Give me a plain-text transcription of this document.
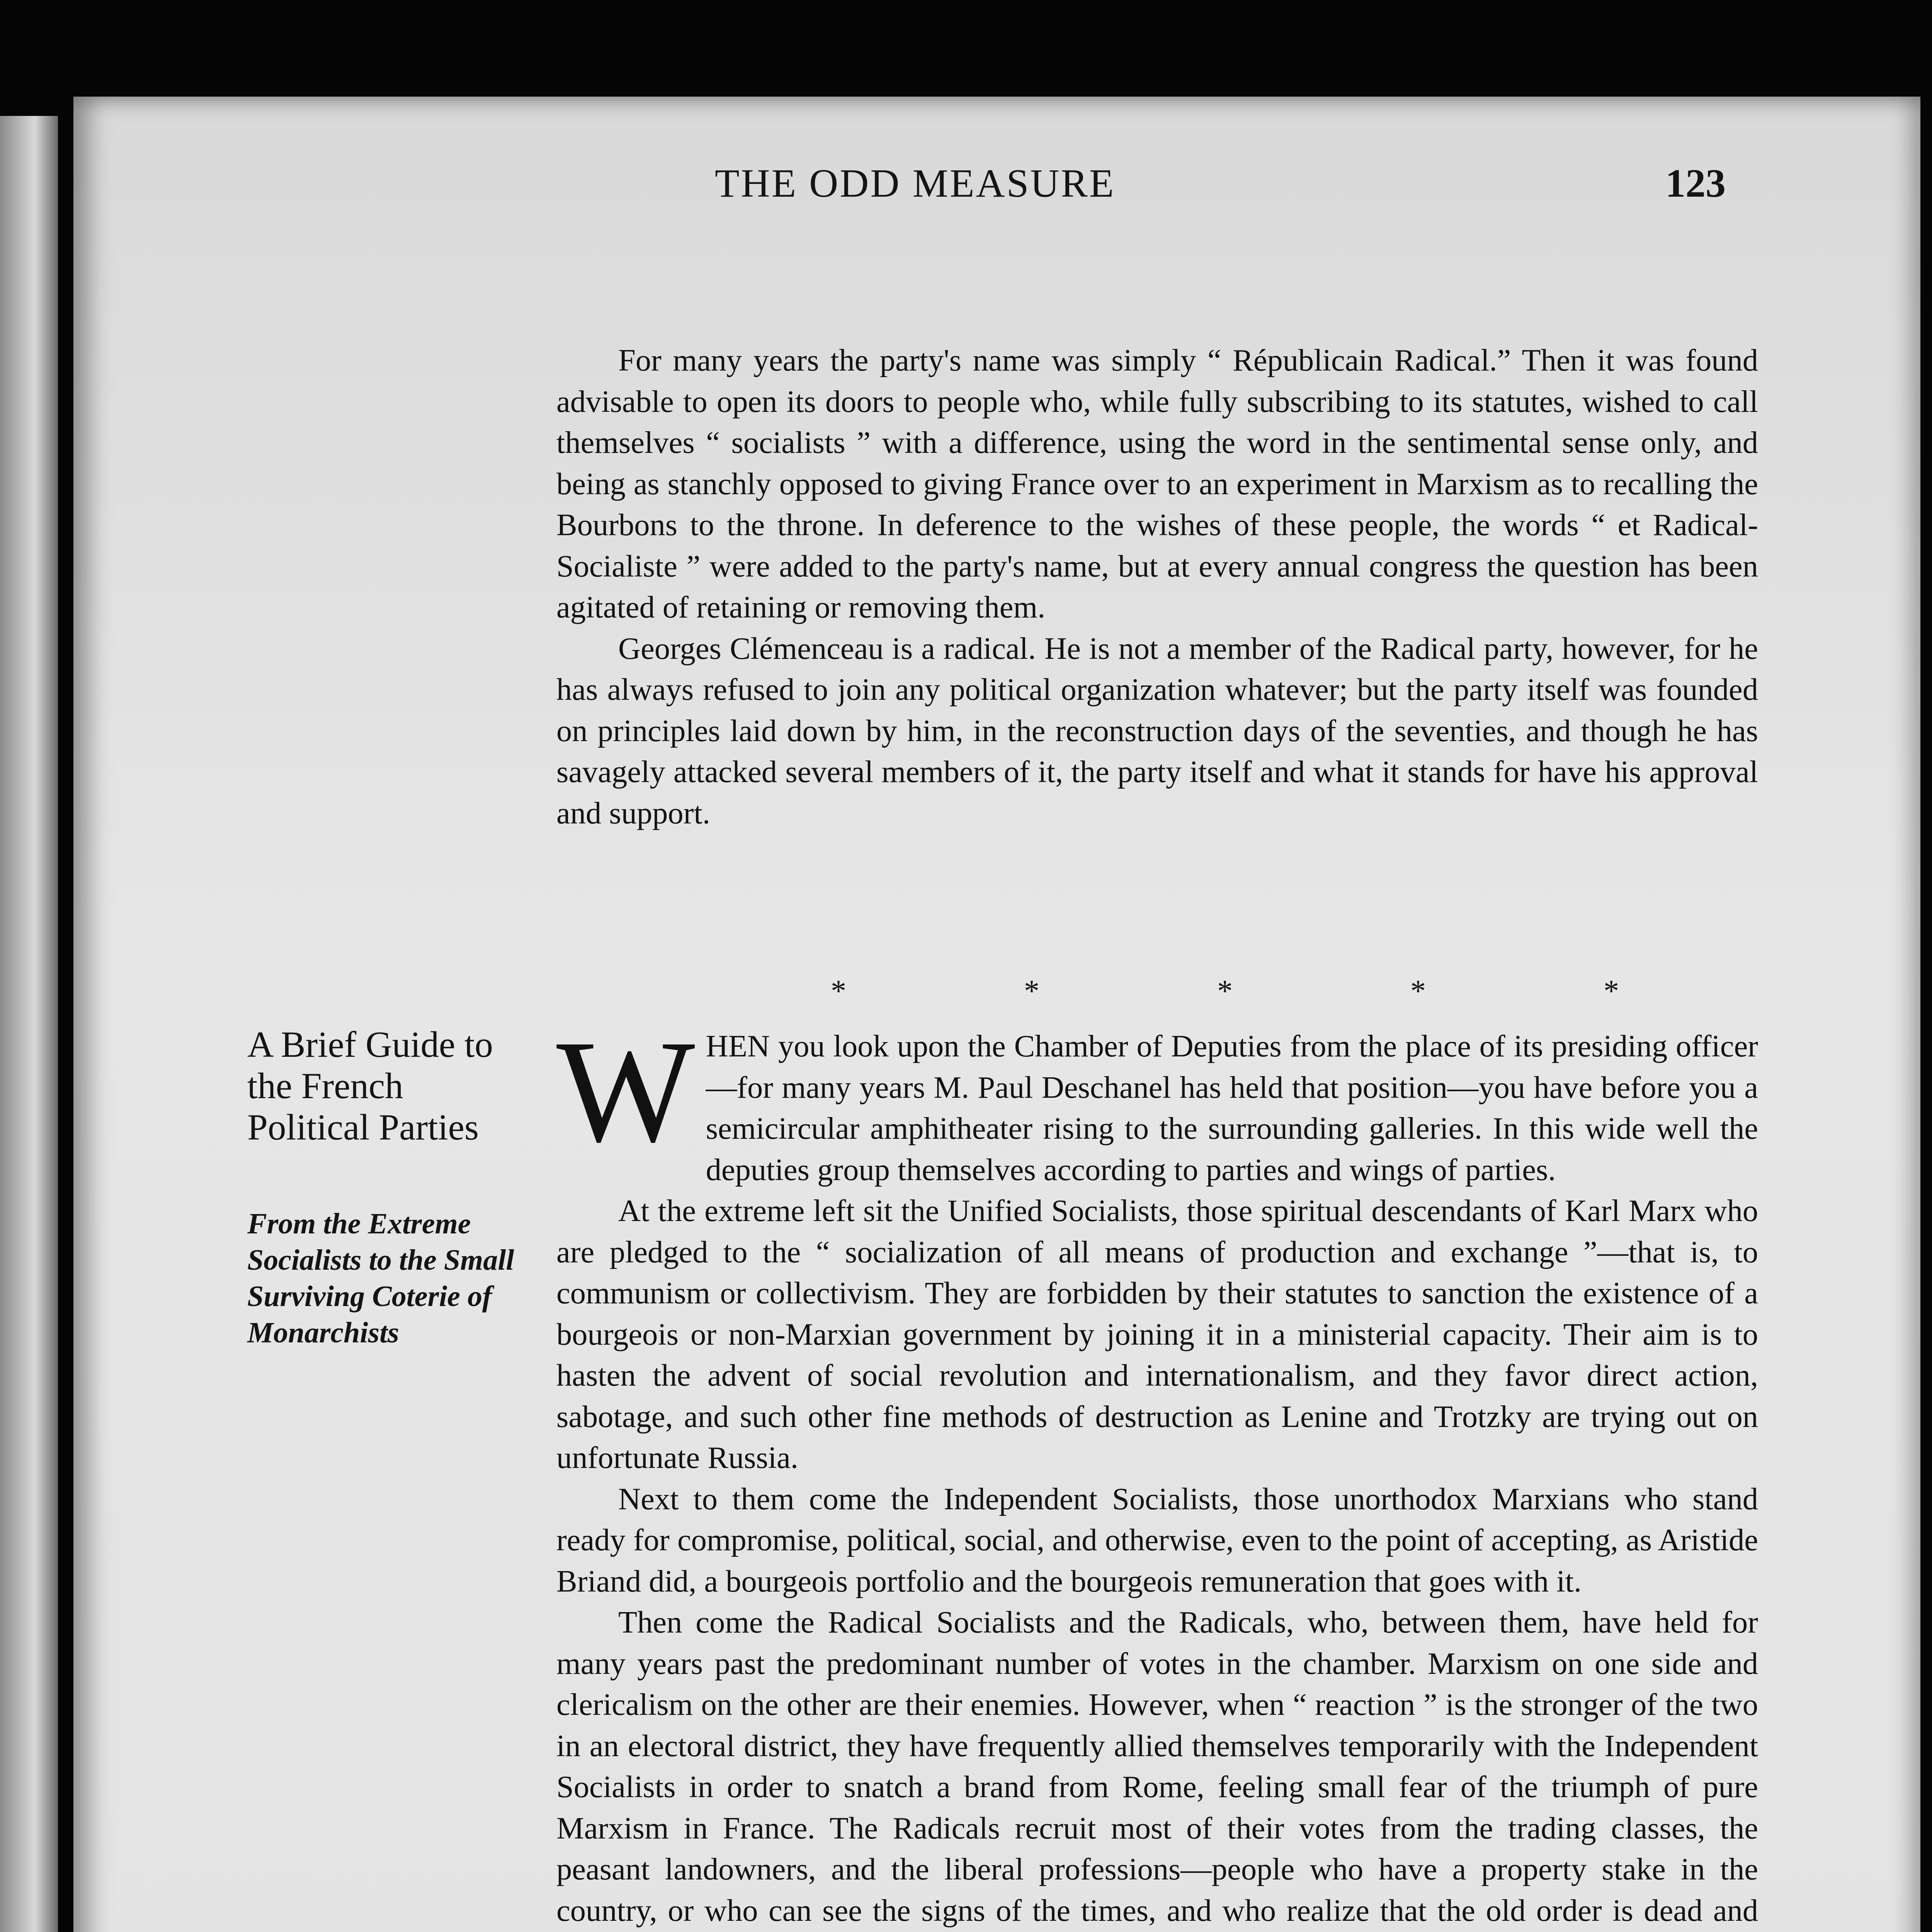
THE ODD MEASURE	123

For many years the party's name was simply “ Républicain Radical.” Then it was found advisable to open its doors to people who, while fully subscribing to its statutes, wished to call themselves “ socialists ” with a difference, using the word in the sentimental sense only, and being as stanchly opposed to giving France over to an experiment in Marxism as to recalling the Bourbons to the throne. In deference to the wishes of these people, the words “ et Radical-Socialiste ” were added to the party's name, but at every annual congress the question has been agitated of retaining or removing them.

Georges Clémenceau is a radical. He is not a member of the Radical party, however, for he has always refused to join any political organization whatever; but the party itself was founded on principles laid down by him, in the reconstruction days of the seventies, and though he has savagely attacked several members of it, the party itself and what it stands for have his approval and support.

* * * * *
A Brief Guide to the French Political Parties
From the Extreme Socialists to the Small Surviving Coterie of Monarchists

WHEN you look upon the Chamber of Deputies from the place of its presiding officer—for many years M. Paul Deschanel has held that position—you have before you a semicircular amphitheater rising to the surrounding galleries. In this wide well the deputies group themselves according to parties and wings of parties.

At the extreme left sit the Unified Socialists, those spiritual descendants of Karl Marx who are pledged to the “ socialization of all means of production and exchange ”—that is, to communism or collectivism. They are forbidden by their statutes to sanction the existence of a bourgeois or non-Marxian government by joining it in a ministerial capacity. Their aim is to hasten the advent of social revolution and internationalism, and they favor direct action, sabotage, and such other fine methods of destruction as Lenine and Trotzky are trying out on unfortunate Russia.

Next to them come the Independent Socialists, those unorthodox Marxians who stand ready for compromise, political, social, and otherwise, even to the point of accepting, as Aristide Briand did, a bourgeois portfolio and the bourgeois remuneration that goes with it.

Then come the Radical Socialists and the Radicals, who, between them, have held for many years past the predominant number of votes in the chamber. Marxism on one side and clericalism on the other are their enemies. However, when “ reaction ” is the stronger of the two in an electoral district, they have frequently allied themselves temporarily with the Independent Socialists in order to snatch a brand from Rome, feeling small fear of the triumph of pure Marxism in France. The Radicals recruit most of their votes from the trading classes, the peasant landowners, and the liberal professions—people who have a property stake in the country, or who can see the signs of the times, and who realize that the old order is dead and
